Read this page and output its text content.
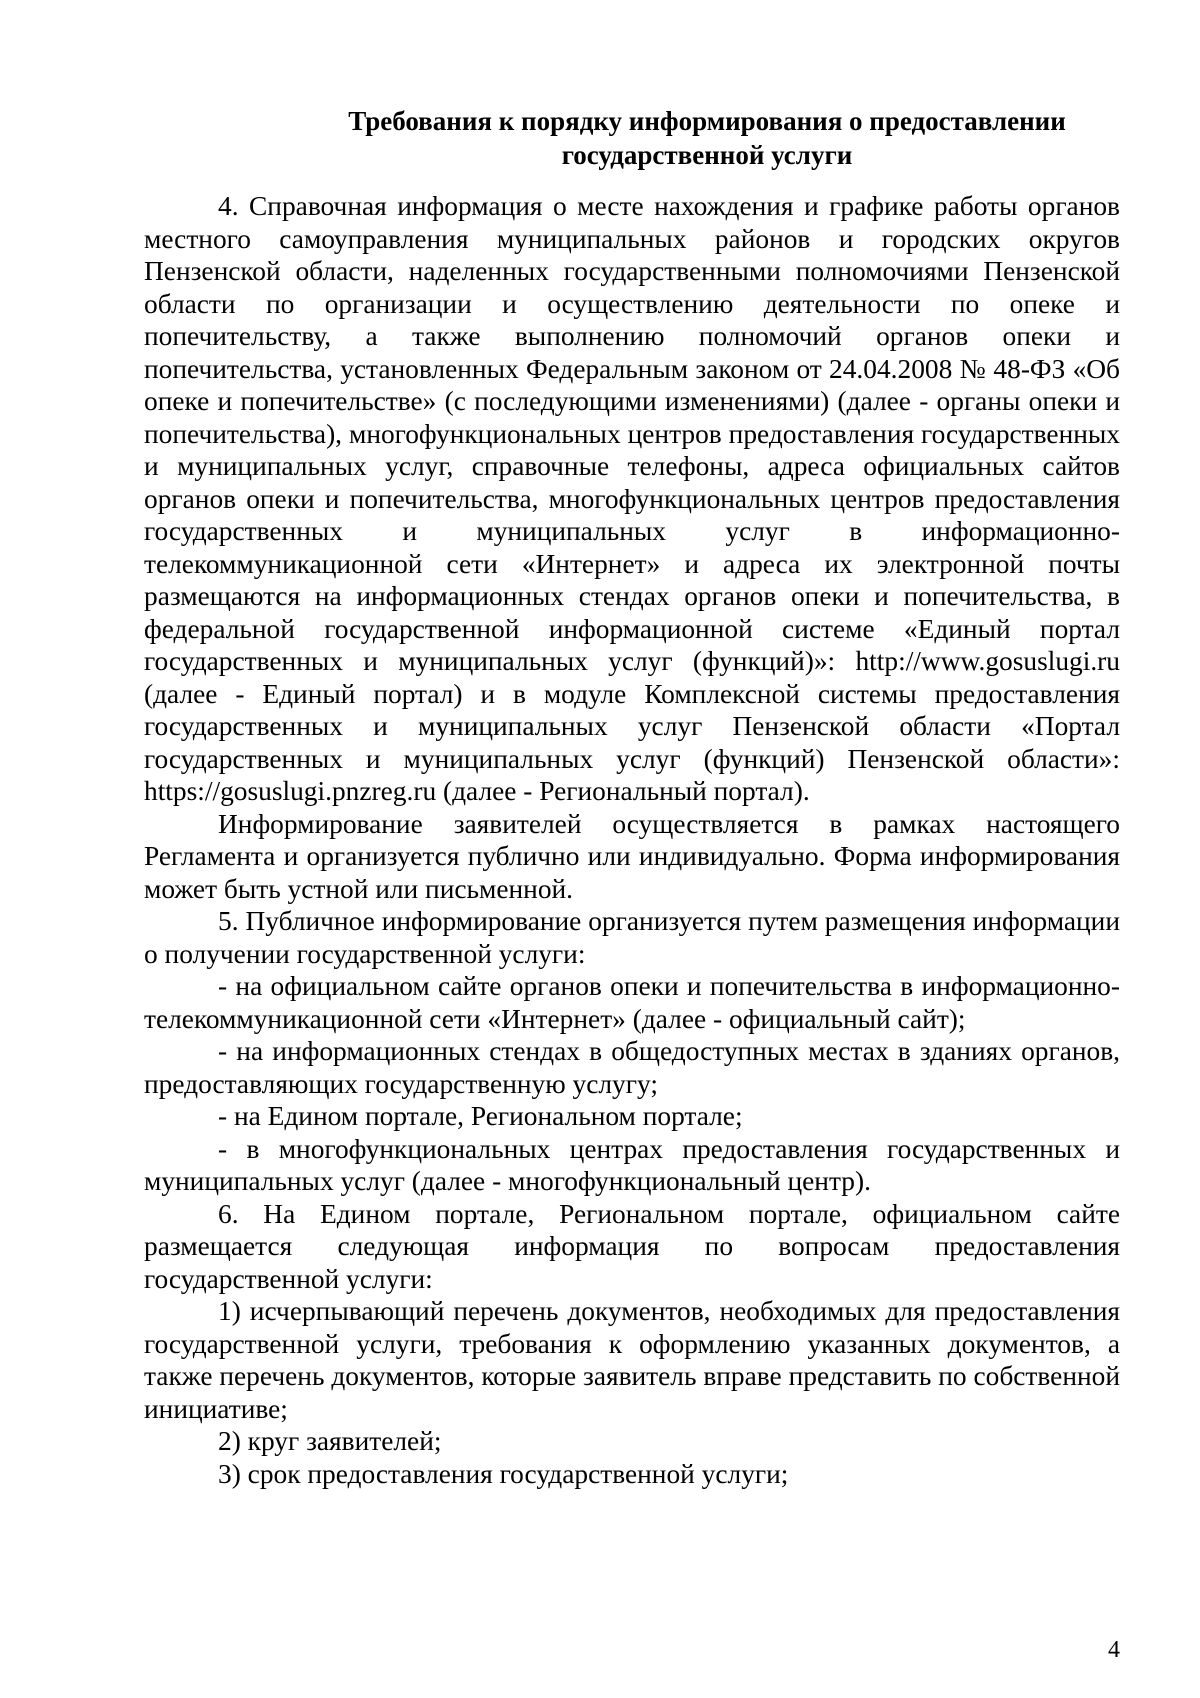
Требования к порядку информирования о предоставлении
государственной услуги

4. Справочная информация о месте нахождения и графике работы органов местного самоуправления муниципальных районов и городских округов Пензенской области, наделенных государственными полномочиями Пензенской области по организации и осуществлению деятельности по опеке и попечительству, а также выполнению полномочий органов опеки и попечительства, установленных Федеральным законом от 24.04.2008 № 48-ФЗ «Об опеке и попечительстве» (с последующими изменениями) (далее - органы опеки и попечительства), многофункциональных центров предоставления государственных и муниципальных услуг, справочные телефоны, адреса официальных сайтов органов опеки и попечительства, многофункциональных центров предоставления государственных и муниципальных услуг в информационно-телекоммуникационной сети «Интернет» и адреса их электронной почты размещаются на информационных стендах органов опеки и попечительства, в федеральной государственной информационной системе «Единый портал государственных и муниципальных услуг (функций)»: http://www.gosuslugi.ru (далее - Единый портал) и в модуле Комплексной системы предоставления государственных и муниципальных услуг Пензенской области «Портал государственных и муниципальных услуг (функций) Пензенской области»: https://gosuslugi.pnzreg.ru (далее - Региональный портал).

Информирование заявителей осуществляется в рамках настоящего Регламента и организуется публично или индивидуально. Форма информирования может быть устной или письменной.

5. Публичное информирование организуется путем размещения информации о получении государственной услуги:

- на официальном сайте органов опеки и попечительства в информационно-телекоммуникационной сети «Интернет» (далее - официальный сайт);

- на информационных стендах в общедоступных местах в зданиях органов, предоставляющих государственную услугу;

- на Едином портале, Региональном портале;

- в многофункциональных центрах предоставления государственных и муниципальных услуг (далее - многофункциональный центр).

6. На Едином портале, Региональном портале, официальном сайте размещается следующая информация по вопросам предоставления государственной услуги:

1) исчерпывающий перечень документов, необходимых для предоставления государственной услуги, требования к оформлению указанных документов, а также перечень документов, которые заявитель вправе представить по собственной инициативе;

2) круг заявителей;

3) срок предоставления государственной услуги;

4
